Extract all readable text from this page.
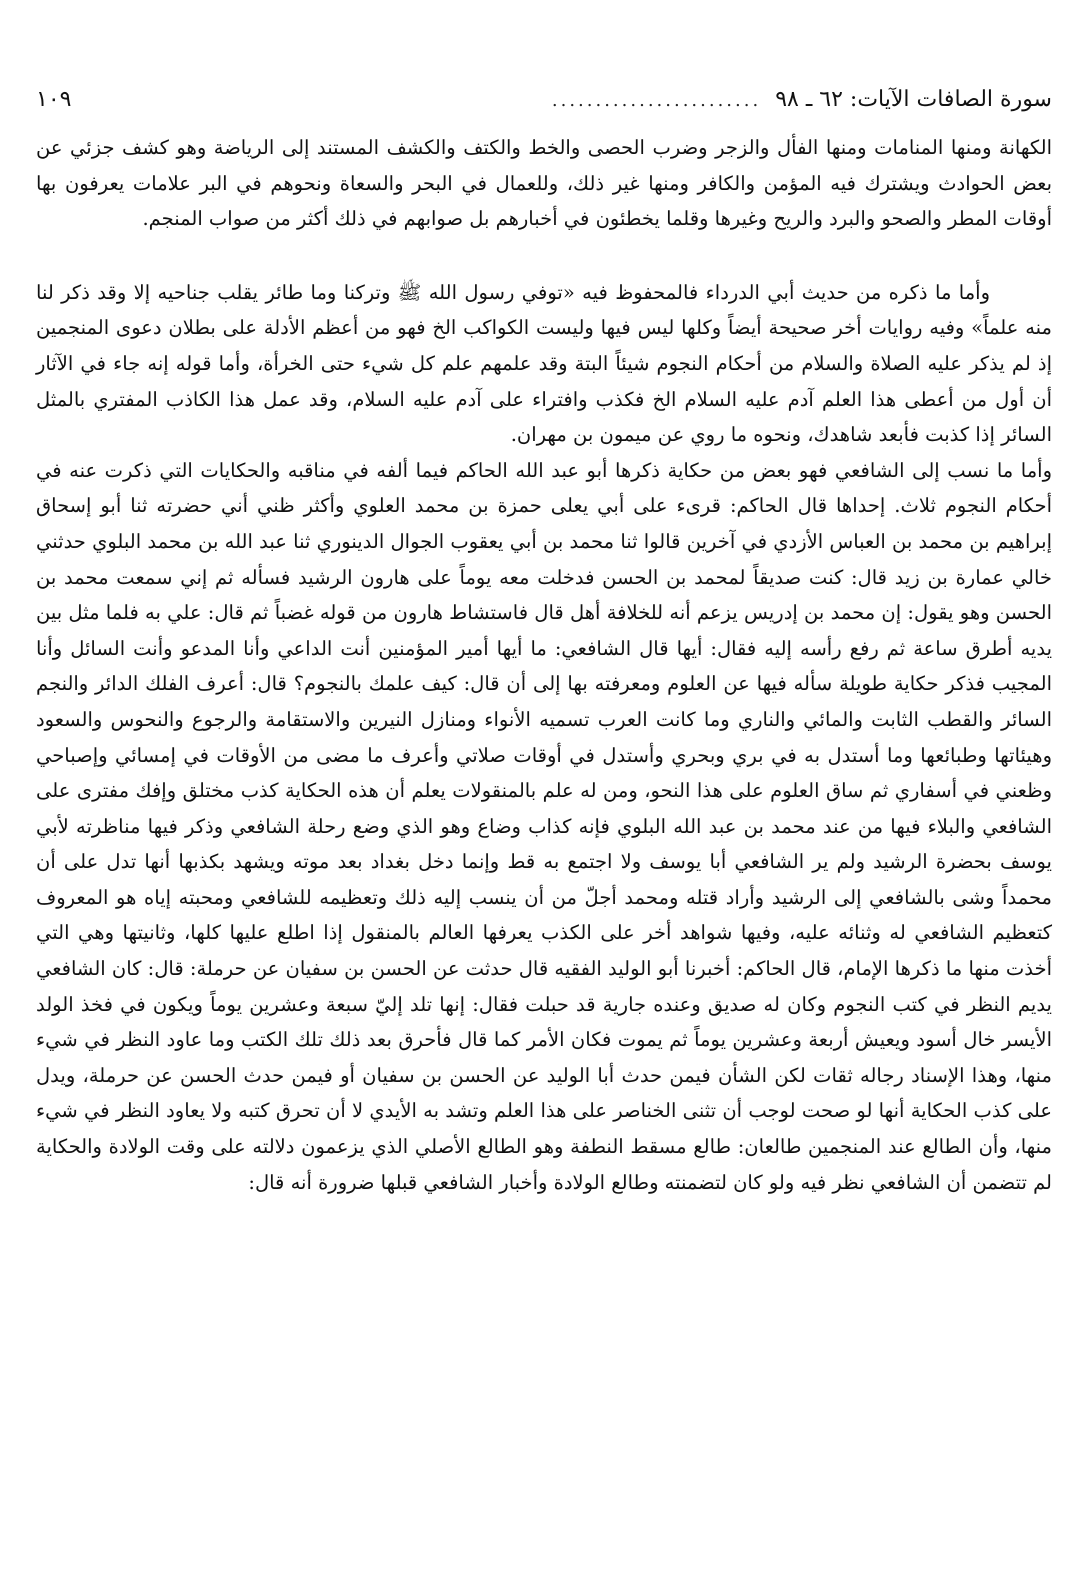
سورة الصافات الآيات: ٦٢ ـ ٩٨
........................
١٠٩

الكهانة ومنها المنامات ومنها الفأل والزجر وضرب الحصى والخط والكتف والكشف المستند إلى الرياضة وهو كشف جزئي عن بعض الحوادث ويشترك فيه المؤمن والكافر ومنها غير ذلك، وللعمال في البحر والسعاة ونحوهم في البر علامات يعرفون بها أوقات المطر والصحو والبرد والريح وغيرها وقلما يخطئون في أخبارهم بل صوابهم في ذلك أكثر من صواب المنجم.

وأما ما ذكره من حديث أبي الدرداء فالمحفوظ فيه «توفي رسول الله ﷺ وتركنا وما طائر يقلب جناحيه إلا وقد ذكر لنا منه علماً» وفيه روايات أخر صحيحة أيضاً وكلها ليس فيها وليست الكواكب الخ فهو من أعظم الأدلة على بطلان دعوى المنجمين إذ لم يذكر عليه الصلاة والسلام من أحكام النجوم شيئاً البتة وقد علمهم علم كل شيء حتى الخرأة، وأما قوله إنه جاء في الآثار أن أول من أعطى هذا العلم آدم عليه السلام الخ فكذب وافتراء على آدم عليه السلام، وقد عمل هذا الكاذب المفتري بالمثل السائر إذا كذبت فأبعد شاهدك، ونحوه ما روي عن ميمون بن مهران.

وأما ما نسب إلى الشافعي فهو بعض من حكاية ذكرها أبو عبد الله الحاكم فيما ألفه في مناقبه والحكايات التي ذكرت عنه في أحكام النجوم ثلاث. إحداها قال الحاكم: قرىء على أبي يعلى حمزة بن محمد العلوي وأكثر ظني أني حضرته ثنا أبو إسحاق إبراهيم بن محمد بن العباس الأزدي في آخرين قالوا ثنا محمد بن أبي يعقوب الجوال الدينوري ثنا عبد الله بن محمد البلوي حدثني خالي عمارة بن زيد قال: كنت صديقاً لمحمد بن الحسن فدخلت معه يوماً على هارون الرشيد فسأله ثم إني سمعت محمد بن الحسن وهو يقول: إن محمد بن إدريس يزعم أنه للخلافة أهل قال فاستشاط هارون من قوله غضباً ثم قال: علي به فلما مثل بين يديه أطرق ساعة ثم رفع رأسه إليه فقال: أيها قال الشافعي: ما أيها أمير المؤمنين أنت الداعي وأنا المدعو وأنت السائل وأنا المجيب فذكر حكاية طويلة سأله فيها عن العلوم ومعرفته بها إلى أن قال: كيف علمك بالنجوم؟ قال: أعرف الفلك الدائر والنجم السائر والقطب الثابت والمائي والناري وما كانت العرب تسميه الأنواء ومنازل النيرين والاستقامة والرجوع والنحوس والسعود وهيئاتها وطبائعها وما أستدل به في بري وبحري وأستدل في أوقات صلاتي وأعرف ما مضى من الأوقات في إمسائي وإصباحي وظعني في أسفاري ثم ساق العلوم على هذا النحو، ومن له علم بالمنقولات يعلم أن هذه الحكاية كذب مختلق وإفك مفترى على الشافعي والبلاء فيها من عند محمد بن عبد الله البلوي فإنه كذاب وضاع وهو الذي وضع رحلة الشافعي وذكر فيها مناظرته لأبي يوسف بحضرة الرشيد ولم ير الشافعي أبا يوسف ولا اجتمع به قط وإنما دخل بغداد بعد موته ويشهد بكذبها أنها تدل على أن محمداً وشى بالشافعي إلى الرشيد وأراد قتله ومحمد أجلّ من أن ينسب إليه ذلك وتعظيمه للشافعي ومحبته إياه هو المعروف كتعظيم الشافعي له وثنائه عليه، وفيها شواهد أخر على الكذب يعرفها العالم بالمنقول إذا اطلع عليها كلها، وثانيتها وهي التي أخذت منها ما ذكرها الإمام، قال الحاكم: أخبرنا أبو الوليد الفقيه قال حدثت عن الحسن بن سفيان عن حرملة: قال: كان الشافعي يديم النظر في كتب النجوم وكان له صديق وعنده جارية قد حبلت فقال: إنها تلد إليّ سبعة وعشرين يوماً ويكون في فخذ الولد الأيسر خال أسود ويعيش أربعة وعشرين يوماً ثم يموت فكان الأمر كما قال فأحرق بعد ذلك تلك الكتب وما عاود النظر في شيء منها، وهذا الإسناد رجاله ثقات لكن الشأن فيمن حدث أبا الوليد عن الحسن بن سفيان أو فيمن حدث الحسن عن حرملة، ويدل على كذب الحكاية أنها لو صحت لوجب أن تثنى الخناصر على هذا العلم وتشد به الأيدي لا أن تحرق كتبه ولا يعاود النظر في شيء منها، وأن الطالع عند المنجمين طالعان: طالع مسقط النطفة وهو الطالع الأصلي الذي يزعمون دلالته على وقت الولادة والحكاية لم تتضمن أن الشافعي نظر فيه ولو كان لتضمنته وطالع الولادة وأخبار الشافعي قبلها ضرورة أنه قال:
